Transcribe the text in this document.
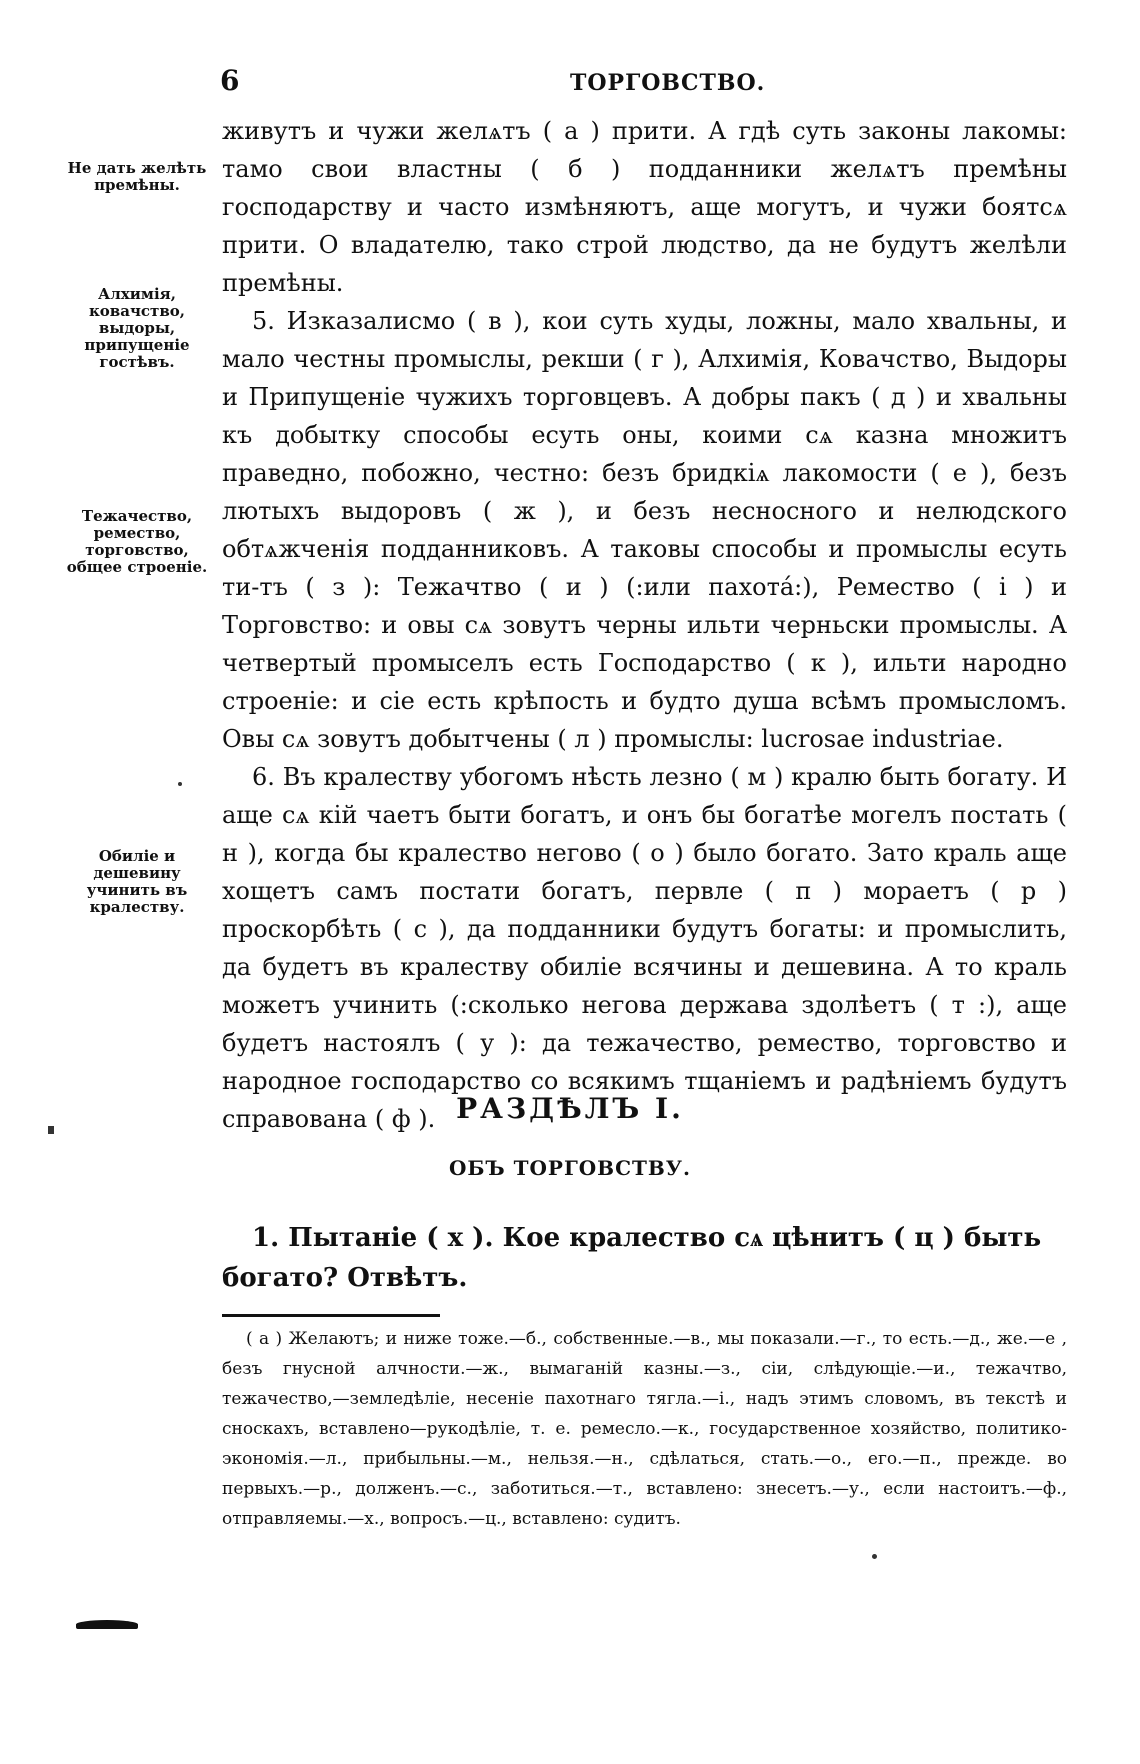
6	ТОРГОВСТВО.
Не дать желѣть премѣны.
Алхимія, ковачство, выдоры, припущеніе гостѣвъ.
Тежачество, ремество, торговство, общее строеніе.
Обиліе и дешевину учинить въ кралеству.

живутъ и чужи желѧтъ ( а ) прити. А гдѣ суть законы лакомы: тамо свои властны ( б ) подданники желѧтъ премѣны господарству и часто измѣняютъ, аще могутъ, и чужи боятсѧ прити. О владателю, тако строй людство, да не будутъ желѣли премѣны.

5. Изказалисмо ( в ), кои суть худы, ложны, мало хвальны, и мало честны промыслы, рекши ( г ), Алхимія, Ковачство, Выдоры и Припущеніе чужихъ торговцевъ. А добры пакъ ( д ) и хвальны къ добытку способы есуть оны, коими сѧ казна множитъ праведно, побожно, честно: безъ бридкіѧ лакомости ( е ), безъ лютыхъ выдоровъ ( ж ), и безъ несносного и нелюдского обтѧжченія подданниковъ. А таковы способы и промыслы есуть ти-тъ ( з ): Тежачтво ( и ) (:или пахота́:), Ремество ( і ) и Торговство: и овы сѧ зовутъ черны ильти черньски промыслы. А четвертый промыселъ есть Господарство ( к ), ильти народно строеніе: и сіе есть крѣпость и будто душа всѣмъ промысломъ. Овы сѧ зовутъ добытчены ( л ) промыслы: lucrosae industriae.

6. Въ кралеству убогомъ нѣсть лезно ( м ) кралю быть богату. И аще сѧ кій чаетъ быти богатъ, и онъ бы богатѣе могелъ постать ( н ), когда бы кралество негово ( о ) было богато. Зато краль аще хощетъ самъ постати богатъ, первле ( п ) мораетъ ( р ) проскорбѣть ( с ), да подданники будутъ богаты: и промыслить, да будетъ въ кралеству обиліе всячины и дешевина. А то краль можетъ учинить (:сколько негова держава здолѣетъ ( т :), аще будетъ настоялъ ( у ): да тежачество, ремество, торговство и народное господарство со всякимъ тщаніемъ и радѣніемъ будутъ справована ( ф ). РАЗДѢЛЪ I.
ОБЪ ТОРГОВСТВУ.
1. Пытаніе ( х ). Кое кралество сѧ цѣнитъ ( ц ) быть богато? Отвѣтъ.
( а ) Желаютъ; и ниже тоже.—б., собственные.—в., мы показали.—г., то есть.—д., же.—е , безъ гнусной алчности.—ж., вымаганій казны.—з., сіи, слѣдующіе.—и., тежачтво, тежачество,—земледѣліе, несеніе пахотнаго тягла.—і., надъ этимъ словомъ, въ текстѣ и сноскахъ, вставлено—рукодѣліе, т. е. ремесло.—к., государственное хозяйство, политико-экономія.—л., прибыльны.—м., нельзя.—н., сдѣлаться, стать.—о., его.—п., прежде. во первыхъ.—р., долженъ.—с., заботиться.—т., вставлено: знесетъ.—у., если настоитъ.—ф., отправляемы.—х., вопросъ.—ц., вставлено: судитъ.
